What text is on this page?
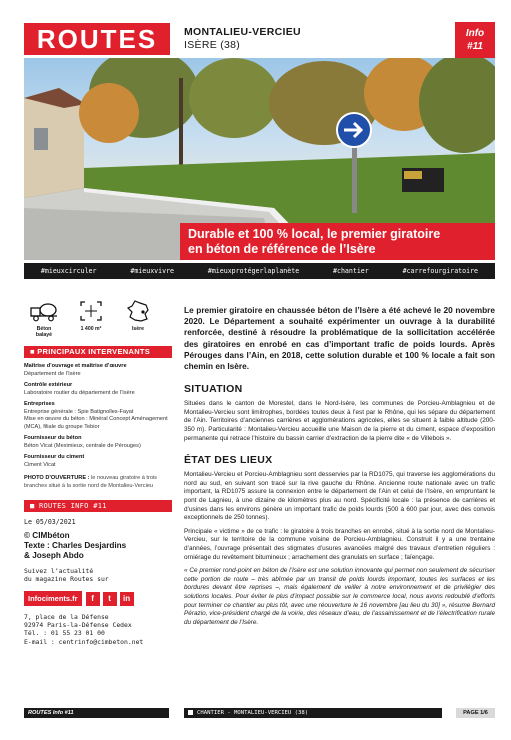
ROUTES	MONTALIEU-VERCIEU
ISÈRE (38)
Info
#11
Durable et 100 % local, le premier giratoire
en béton de référence de l’Isère
#mieuxcirculer	#mieuxvivre	#mieuxprotégerlaplanète	#chantier	#carrefourgiratoire
Béton
balayé
1 400 m²	Isère
■ PRINCIPAUX INTERVENANTS
Maîtrise d’ouvrage et maîtrise d’œuvre
Département de l’Isère
Contrôle extérieur
Laboratoire routier du département de l’Isère
Entreprises
Entreprise générale : Spie Batignolles-Fayat
Mise en œuvre du béton : Minéral Concept Aménagement (MCA), filiale du groupe Tebior
Fournisseur du béton
Béton Vicat (Meximieux, centrale de Pérouges)
Fournisseur du ciment
Ciment Vicat
PHOTO D’OUVERTURE : le nouveau giratoire à trois branches situé à la sortie nord de Montalieu-Vercieu
■ ROUTES INFO #11
Le 05/03/2021
© CIMbéton
Texte : Charles Desjardins
& Joseph Abdo
Suivez l’actualité
du magazine Routes sur
Infociments.fr	f	t	in
7, place de la Défense
92974 Paris-la-Défense Cedex
Tél. : 01 55 23 01 00
E-mail : centrinfo@cimbeton.net

Le premier giratoire en chaussée béton de l’Isère a été achevé le 20 novembre 2020. Le Département a souhaité expérimenter un ouvrage à la durabilité renforcée, destiné à résoudre la problématique de la sollicitation accélérée des giratoires en enrobé en cas d’important trafic de poids lourds. Après Pérouges dans l’Ain, en 2018, cette solution durable et 100 % locale a fait son chemin en Isère.

SITUATION

Situées dans le canton de Morestel, dans le Nord-Isère, les communes de Porcieu-Amblagnieu et de Montalieu-Vercieu sont limitrophes, bordées toutes deux à l’est par le Rhône, qui les sépare du département de l’Ain. Territoires d’anciennes carrières et agglomérations agricoles, elles se situent à faible altitude (200-350 m). Particularité : Montalieu-Vercieu accueille une Maison de la pierre et du ciment, espace d’exposition permanente qui retrace l’histoire du bassin carrier d’extraction de la pierre dite « de Villebois ».

ÉTAT DES LIEUX

Montalieu-Vercieu et Porcieu-Amblagnieu sont desservies par la RD1075, qui traverse les agglomérations du nord au sud, en suivant son tracé sur la rive gauche du Rhône. Ancienne route nationale avec un trafic important, la RD1075 assure la connexion entre le département de l’Ain et celui de l’Isère, en empruntant le pont de Lagnieu, à une dizaine de kilomètres plus au nord. Spécificité locale : la présence de carrières et d’usines dans les environs génère un important trafic de poids lourds (500 à 600 par jour, avec des convois exceptionnels de 250 tonnes).

Principale « victime » de ce trafic : le giratoire à trois branches en enrobé, situé à la sortie nord de Montalieu-Vercieu, sur le territoire de la commune voisine de Porcieu-Amblagnieu. Construit il y a une trentaine d’années, l’ouvrage présentait des stigmates d’usures avancées malgré des travaux d’entretien réguliers : orniérage du revêtement bitumineux ; arrachement des granulats en surface ; faïençage.

« Ce premier rond-point en béton de l’Isère est une solution innovante qui permet non seulement de sécuriser cette portion de route – très abîmée par un transit de poids lourds important, toutes les surfaces et les bordures devant être reprises –, mais également de veiller à notre environnement et de privilégier des solutions locales. Pour éviter le plus d’impact possible sur le commerce local, nous avons redoublé d’efforts pour terminer ce chantier au plus tôt, avec une réouverture le 16 novembre [au lieu du 30] », résume Bernard Pérazio, vice-président chargé de la voirie, des réseaux d’eau, de l’assainissement et de l’électrification rurale du département de l’Isère.

ROUTES Info #11	CHANTIER - MONTALIEU-VERCIEU (38)	PAGE 1/6
